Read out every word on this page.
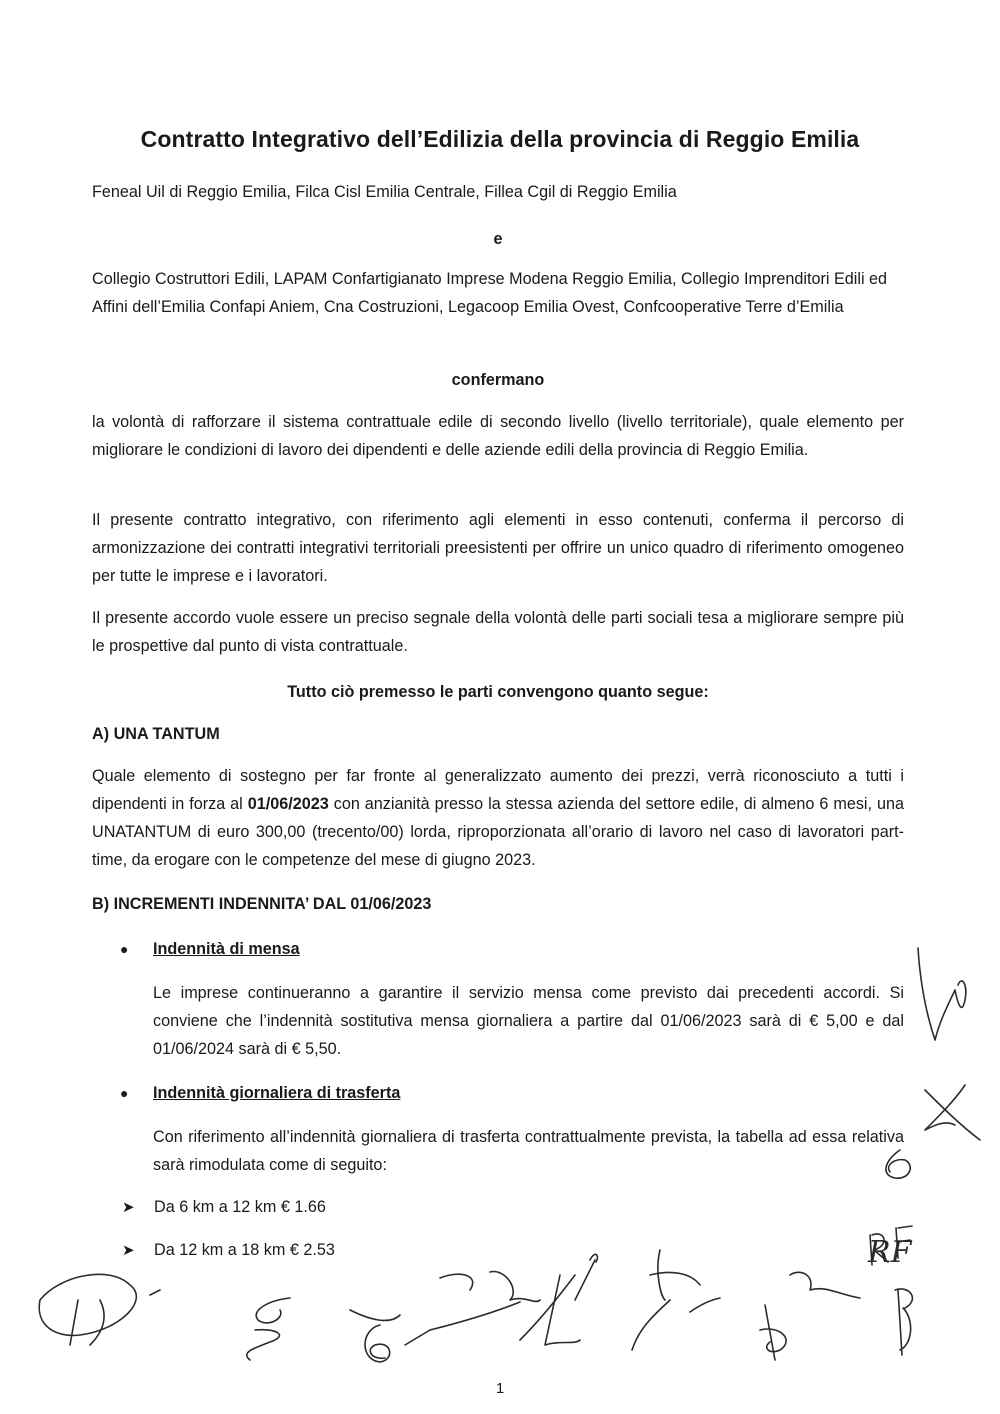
Contratto Integrativo dell’Edilizia della provincia di Reggio Emilia

Feneal Uil di Reggio Emilia, Filca Cisl Emilia Centrale, Fillea Cgil di Reggio Emilia

e

Collegio Costruttori Edili, LAPAM Confartigianato Imprese Modena Reggio Emilia, Collegio Imprenditori Edili ed Affini dell’Emilia Confapi Aniem, Cna Costruzioni, Legacoop Emilia Ovest, Confcooperative Terre d’Emilia

confermano

la volontà di rafforzare il sistema contrattuale edile di secondo livello (livello territoriale), quale elemento per migliorare le condizioni di lavoro dei dipendenti e delle aziende edili della provincia di Reggio Emilia.

Il presente contratto integrativo, con riferimento agli elementi in esso contenuti, conferma il percorso di armonizzazione dei contratti integrativi territoriali preesistenti per offrire un unico quadro di riferimento omogeneo per tutte le imprese e i lavoratori.

Il presente accordo vuole essere un preciso segnale della volontà delle parti sociali tesa a migliorare sempre più le prospettive dal punto di vista contrattuale.

Tutto ciò premesso le parti convengono quanto segue:

A) UNA TANTUM

Quale elemento di sostegno per far fronte al generalizzato aumento dei prezzi, verrà riconosciuto a tutti i dipendenti in forza al 01/06/2023 con anzianità presso la stessa azienda del settore edile, di almeno 6 mesi, una UNATANTUM di euro 300,00 (trecento/00) lorda, riproporzionata all’orario di lavoro nel caso di lavoratori part-time, da erogare con le competenze del mese di giugno 2023.

B) INCREMENTI INDENNITA’ DAL 01/06/2023

● Indennità di mensa

Le imprese continueranno a garantire il servizio mensa come previsto dai precedenti accordi. Si conviene che l’indennità sostitutiva mensa giornaliera a partire dal 01/06/2023 sarà di € 5,00 e dal 01/06/2024 sarà di € 5,50.

● Indennità giornaliera di trasferta

Con riferimento all’indennità giornaliera di trasferta contrattualmente prevista, la tabella ad essa relativa sarà rimodulata come di seguito:

➤ Da 6 km a 12 km € 1.66
➤ Da 12 km a 18 km € 2.53
1
RF
